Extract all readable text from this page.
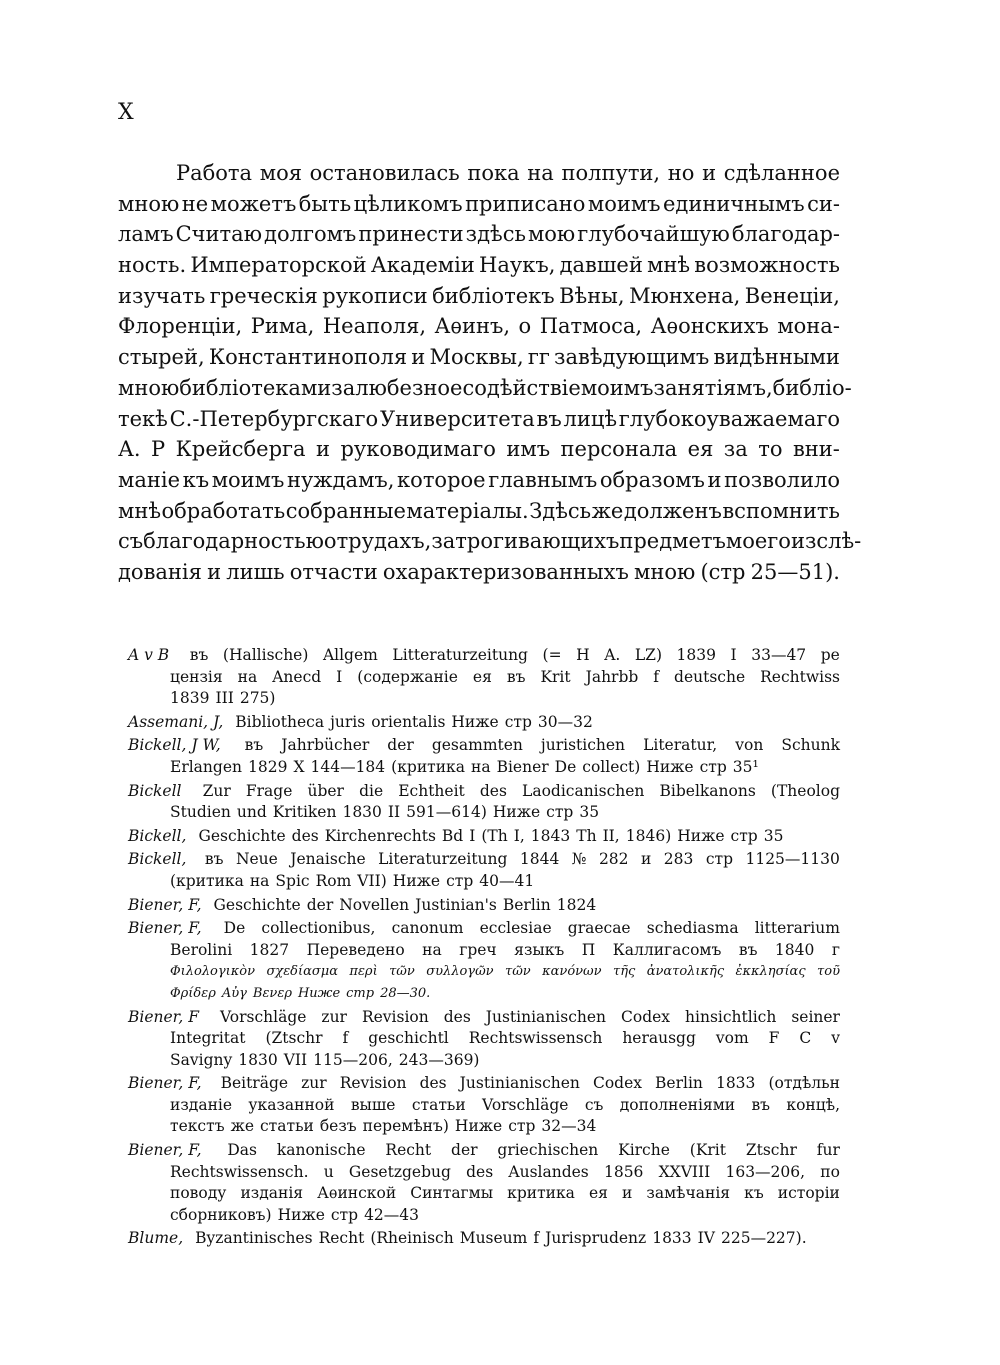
X
Работа моя остановилась пока на полпути, но и сдѣланное
мною не можетъ быть цѣликомъ приписано моимъ единичнымъ си-
ламъ Считаю долгомъ принести здѣсь мою глубочайшую благодар-
ность. Императорской Академіи Наукъ, давшей мнѣ возможность
изучать греческія рукописи библіотекъ Вѣны, Мюнхена, Венеціи,
Флоренціи, Рима, Неаполя, Аѳинъ, о Патмоса, Аѳонскихъ мона-
стырей, Константинополя и Москвы, гг завѣдующимъ видѣнными
мною библіотеками за любезное содѣйствіе моимъ занятіямъ, библіо-
текѣ С.-Петербургскаго Университета въ лицѣ глубокоуважаемаго
А. Р Крейсберга и руководимаго имъ персонала ея за то вни-
маніе къ моимъ нуждамъ, которое главнымъ образомъ и позволило
мнѣ обработать собранные матеріалы. Здѣсь же долженъ вспомнить
съ благодарностью о трудахъ, затрогивающихъ предметъ моего изслѣ-
дованія и лишь отчасти охарактеризованныхъ мною (стр 25—51).
A v B въ (Hallische) Allgem Litteraturzeitung (= H A. LZ) 1839 I 33—47 ре
цензія на Anecd I (содержаніе ея въ Krit Jahrbb f deutsche Rechtwiss
1839 III 275)
Assemani, J, Bibliotheca juris orientalis Ниже стр 30—32
Bickell, J W, въ Jahrbücher der gesammten juristichen Literatur, von Schunk
Erlangen 1829 X 144—184 (критика на Biener De collect) Ниже стр 35¹
Bickell Zur Frage über die Echtheit des Laodicanischen Bibelkanons (Theolog
Studien und Kritiken 1830 II 591—614) Ниже стр 35
Bickell, Geschichte des Kirchenrechts Bd I (Th I, 1843 Th II, 1846) Ниже стр 35
Bickell, въ Neue Jenaische Literaturzeitung 1844 № 282 и 283 стр 1125—1130
(критика на Spic Rom VII) Ниже стр 40—41
Biener, F, Geschichte der Novellen Justinian's Berlin 1824
Biener, F, De collectionibus, canonum ecclesiae graecae schediasma litterarium
Berolini 1827 Переведено на греч языкъ П Каллигасомъ въ 1840 г
Φιλολογικὸν σχεδίασμα περὶ τῶν συλλογῶν τῶν κανόνων τῆς ἀνατολικῆς ἐκκλησίας τοῦ
Φρίδερ Αὐγ Βενερ Ниже стр 28—30.
Biener, F Vorschläge zur Revision des Justinianischen Codex hinsichtlich seiner
Integritat (Ztschr f geschichtl Rechtswissensch herausgg vom F C v
Savigny 1830 VII 115—206, 243—369)
Biener, F, Beiträge zur Revision des Justinianischen Codex Berlin 1833 (отдѣльн
изданіе указанной выше статьи Vorschläge съ дополненіями въ концѣ,
текстъ же статьи безъ перемѣнъ) Ниже стр 32—34
Biener, F, Das kanonische Recht der griechischen Kirche (Krit Ztschr fur
Rechtswissensch. u Gesetzgebug des Auslandes 1856 XXVIII 163—206, по
поводу изданія Аѳинской Синтагмы критика ея и замѣчанія къ исторіи
сборниковъ) Ниже стр 42—43
Blume, Byzantinisches Recht (Rheinisch Museum f Jurisprudenz 1833 IV 225—227).
